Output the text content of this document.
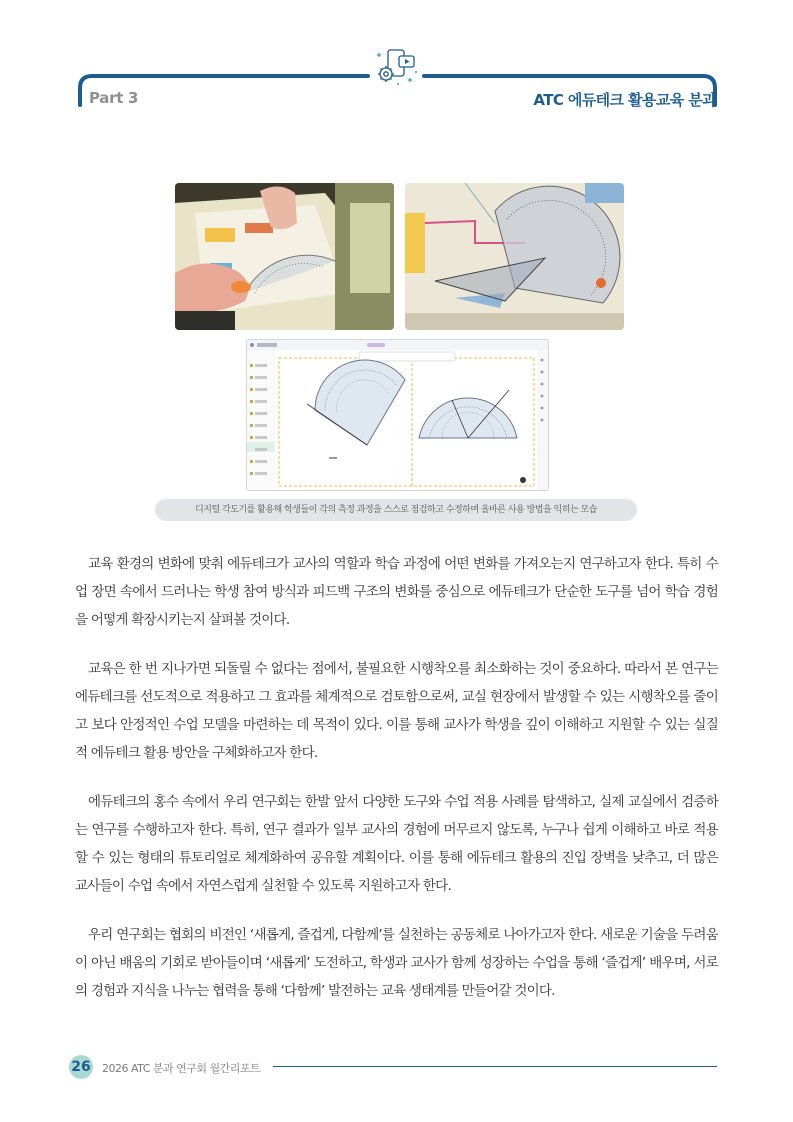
Part 3	ATC 에듀테크 활용교육 분과
디지털 각도기를 활용해 학생들이 각의 측정 과정을 스스로 점검하고 수정하며 올바른 사용 방법을 익히는 모습

교육 환경의 변화에 맞춰 에듀테크가 교사의 역할과 학습 과정에 어떤 변화를 가져오는지 연구하고자 한다. 특히 수업 장면 속에서 드러나는 학생 참여 방식과 피드백 구조의 변화를 중심으로 에듀테크가 단순한 도구를 넘어 학습 경험을 어떻게 확장시키는지 살펴볼 것이다.

교육은 한 번 지나가면 되돌릴 수 없다는 점에서, 불필요한 시행착오를 최소화하는 것이 중요하다. 따라서 본 연구는 에듀테크를 선도적으로 적용하고 그 효과를 체계적으로 검토함으로써, 교실 현장에서 발생할 수 있는 시행착오를 줄이고 보다 안정적인 수업 모델을 마련하는 데 목적이 있다. 이를 통해 교사가 학생을 깊이 이해하고 지원할 수 있는 실질적 에듀테크 활용 방안을 구체화하고자 한다.

에듀테크의 홍수 속에서 우리 연구회는 한발 앞서 다양한 도구와 수업 적용 사례를 탐색하고, 실제 교실에서 검증하는 연구를 수행하고자 한다. 특히, 연구 결과가 일부 교사의 경험에 머무르지 않도록, 누구나 쉽게 이해하고 바로 적용할 수 있는 형태의 튜토리얼로 체계화하여 공유할 계획이다. 이를 통해 에듀테크 활용의 진입 장벽을 낮추고, 더 많은 교사들이 수업 속에서 자연스럽게 실천할 수 있도록 지원하고자 한다.

우리 연구회는 협회의 비전인 ‘새롭게, 즐겁게, 다함께’를 실천하는 공동체로 나아가고자 한다. 새로운 기술을 두려움이 아닌 배움의 기회로 받아들이며 ‘새롭게’ 도전하고, 학생과 교사가 함께 성장하는 수업을 통해 ‘즐겁게’ 배우며, 서로의 경험과 지식을 나누는 협력을 통해 ‘다함께’ 발전하는 교육 생태계를 만들어갈 것이다.

26 2026 ATC 분과 연구회 월간리포트
